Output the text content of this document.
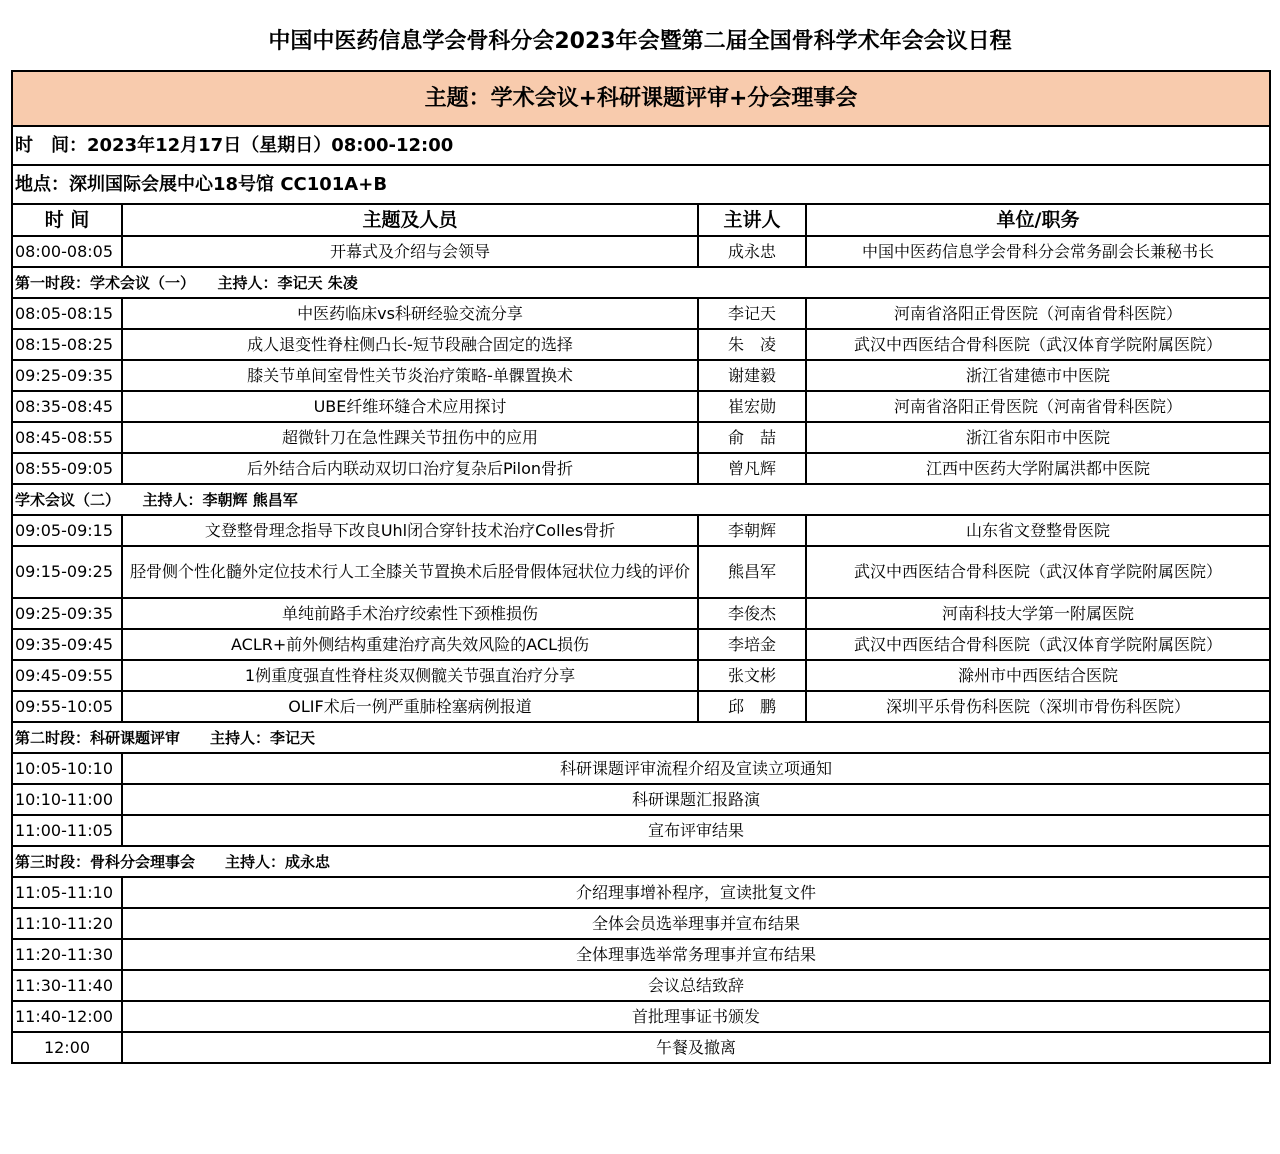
中国中医药信息学会骨科分会2023年会暨第二届全国骨科学术年会会议日程
主题：学术会议+科研课题评审+分会理事会			
时　间：2023年12月17日（星期日）08:00-12:00			
地点：深圳国际会展中心18号馆 CC101A+B			
时 间	主题及人员	主讲人	单位/职务
08:00-08:05	开幕式及介绍与会领导	成永忠	中国中医药信息学会骨科分会常务副会长兼秘书长
第一时段：学术会议（一）　　主持人：李记天 朱凌			
08:05-08:15	中医药临床vs科研经验交流分享	李记天	河南省洛阳正骨医院（河南省骨科医院）
08:15-08:25	成人退变性脊柱侧凸长-短节段融合固定的选择	朱　凌	武汉中西医结合骨科医院（武汉体育学院附属医院）
09:25-09:35	膝关节单间室骨性关节炎治疗策略-单髁置换术	谢建毅	浙江省建德市中医院
08:35-08:45	UBE纤维环缝合术应用探讨	崔宏勋	河南省洛阳正骨医院（河南省骨科医院）
08:45-08:55	超微针刀在急性踝关节扭伤中的应用	俞　喆	浙江省东阳市中医院
08:55-09:05	后外结合后内联动双切口治疗复杂后Pilon骨折	曾凡辉	江西中医药大学附属洪都中医院
学术会议（二）　　主持人：李朝辉 熊昌军			
09:05-09:15	文登整骨理念指导下改良Uhl闭合穿针技术治疗Colles骨折	李朝辉	山东省文登整骨医院
09:15-09:25	胫骨侧个性化髓外定位技术行人工全膝关节置换术后胫骨假体冠状位力线的评价	熊昌军	武汉中西医结合骨科医院（武汉体育学院附属医院）
09:25-09:35	单纯前路手术治疗绞索性下颈椎损伤	李俊杰	河南科技大学第一附属医院
09:35-09:45	ACLR+前外侧结构重建治疗高失效风险的ACL损伤	李培金	武汉中西医结合骨科医院（武汉体育学院附属医院）
09:45-09:55	1例重度强直性脊柱炎双侧髋关节强直治疗分享	张文彬	滁州市中西医结合医院
09:55-10:05	OLIF术后一例严重肺栓塞病例报道	邱　鹏	深圳平乐骨伤科医院（深圳市骨伤科医院）
第二时段：科研课题评审　　主持人：李记天			
10:05-10:10	科研课题评审流程介绍及宣读立项通知		
10:10-11:00	科研课题汇报路演		
11:00-11:05	宣布评审结果		
第三时段：骨科分会理事会　　主持人：成永忠			
11:05-11:10	介绍理事增补程序，宣读批复文件		
11:10-11:20	全体会员选举理事并宣布结果		
11:20-11:30	全体理事选举常务理事并宣布结果		
11:30-11:40	会议总结致辞		
11:40-12:00	首批理事证书颁发		
12:00	午餐及撤离		
